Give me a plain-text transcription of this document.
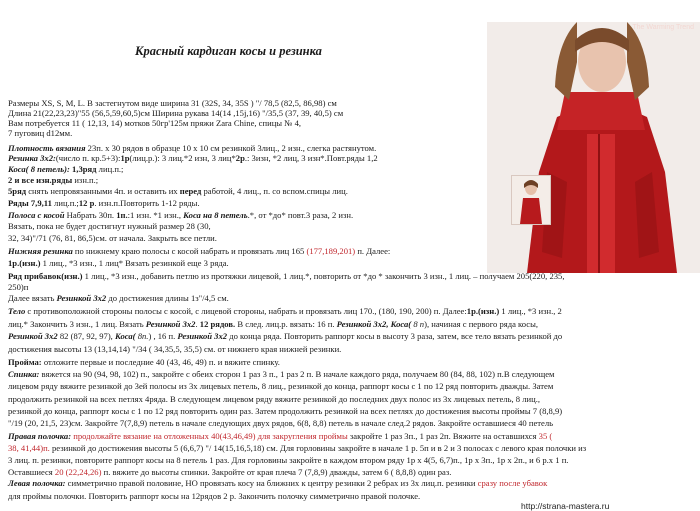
The Warming Trend
Красный кардиган косы и резинка
Размеры XS, S, M, L. В застегнутом виде ширина 31 (32S, 34, 35S ) "/ 78,5 (82,5, 86,98) см
Длина 21(22,23,23)"55 (56,5,59,60,5)см Ширина рукава 14(14 ,15j,16) "/35,5 (37, 39, 40,5) см
Вам потребуется 11 ( 12,13, 14) мотков 50гр'125м пряжи Zara Chine, спицы № 4,
7 пуговиц d12мм.
Плотность вязания 23п. x 30 рядов в образце 10 x 10 см резинкой 3лиц., 2 изн., слегка растянутом.
Резинка 3х2:(число п. кр.5+3):1р(лиц.р.): 3 лиц.*2 изн, 3 лиц*2р.: 3изн, *2 лиц, 3 изн*.Повт.ряды 1,2
Коса( 8 петель): 1,3ряд лиц.п.;
2 и все изн.ряды изн.п.;
5ряд снять непровязанными 4п. и оставить их перед работой, 4 лиц., п. со вспом.спицы лиц.
Ряды 7,9,11 лиц.п.;12 р. изн.п.Повторить 1-12 ряды.
Полоса с косой Набрать 30п. 1п.:1 изн. *1 изн., Коса на 8 петель.*, от *до* повт.3 раза, 2 изн.
Вязать, пока не будет достигнут нужный размер 28 (30,
32, 34)"/71 (76, 81, 86,5)см. от начала. Закрыть все петли.
Нижняя резинка по нижнему краю полосы с косой набрать и провязать лиц 165 (177,189,201) п. Далее:
1р.(изн.) 1 лиц., *3 изн., 1 лиц* Вязать резинкой еще 3 ряда.
Ряд прибавок(изн.) 1 лиц., *3 изн., добавить петлю из протяжки лицевой, 1 лиц.*, повторить от *до * закончить 3 изн., 1 лиц. – получаем 205(220, 235,
250)п
Далее вязать Резинкой 3х2 до достижения длины 1з"/4,5 см.
Тело с противоположной стороны полосы с косой, с лицевой стороны, набрать и провязать лиц 170., (180, 190, 200) п. Далее:1р.(изн.) 1 лиц., *3 изн., 2
лиц.* Закончить 3 изн., 1 лиц. Вязать Резинкой 3х2. 12 рядов. В след. лиц.р. вязать: 16 п. Резинкой 3х2, Коса( 8 п), начиная с первого ряда косы,
Резинкой 3х2 82 (87, 92, 97), Коса( 8п.) , 16 п. Резинкой 3х2 до конца ряда. Повторить раппорт косы в высоту 3 раза, затем, все тело вязать резинкой до
достижения высоты 13 (13,14,14) "/34 ( 34,35,5, 35,5) см. от нижнего края нижней резинки.
Пройма: отложите первые и последние 40 (43, 46, 49) п. и вяжите спинку.
Спинка: вяжется на 90 (94, 98, 102) п., закройте с обеих сторон 1 раз 3 п., 1 раз 2 п. В начале каждого ряда, получаем 80 (84, 88, 102) п.В следующем
лицевом ряду вяжите резинкой до 3ей полосы из 3х лицевых петель, 8 лиц., резинкой до конца, раппорт косы с 1 по 12 ряд повторить дважды. Затем
продолжить резинкой на всех петлях 4ряда. В следующем лицевом ряду вяжите резинкой до последних двух полос из 3х лицевых петель, 8 лиц.,
резинкой до конца, раппорт косы с 1 по 12 ряд повторить один раз. Затем продолжить резинкой на всех петлях до достижения высоты проймы 7 (8,8,9)
"/19 (20, 21,5, 23)см. Закройте 7(7,8,9) петель в начале следующих двух рядов, 6(8, 8,8) петель в начале след.2 рядов. Закройте оставшиеся 40 петель
Правая полочка: продолжайте вязание на отложенных 40(43,46,49) для закругления проймы закройте 1 раз 3п., 1 раз 2п. Вяжите на оставшихся 35 (
38, 41,44)п. резинкой до достижения высоты 5 (6,6,7) "/ 14(15,16,5,18) см. Для горловины закройте в начале 1 р. 5п и в 2 и 3 полосах с левого края полочки из
3 лиц. п. резинки, повторите раппорт косы на 8 петель 1 раз. Для горловины закройте в каждом втором ряду 1р x 4(5, 6,7)п., 1р x 3п., 1р x 2п., и 6 р.x 1 п.
Оставшиеся 20 (22,24,26) п. вяжите до высоты спинки. Закройте от края плеча 7 (7,8,9) дважды, затем 6 ( 8,8,8) один раз.
Левая полочка: симметрично правой половине, НО провязать косу на ближних к центру резинки 2 ребрах из 3х лиц.п. резинки сразу после убавок
для проймы полочки. Повторить раппорт косы на 12рядов 2 р. Закончить полочку симметрично правой полочке.
http://strana-mastera.ru
